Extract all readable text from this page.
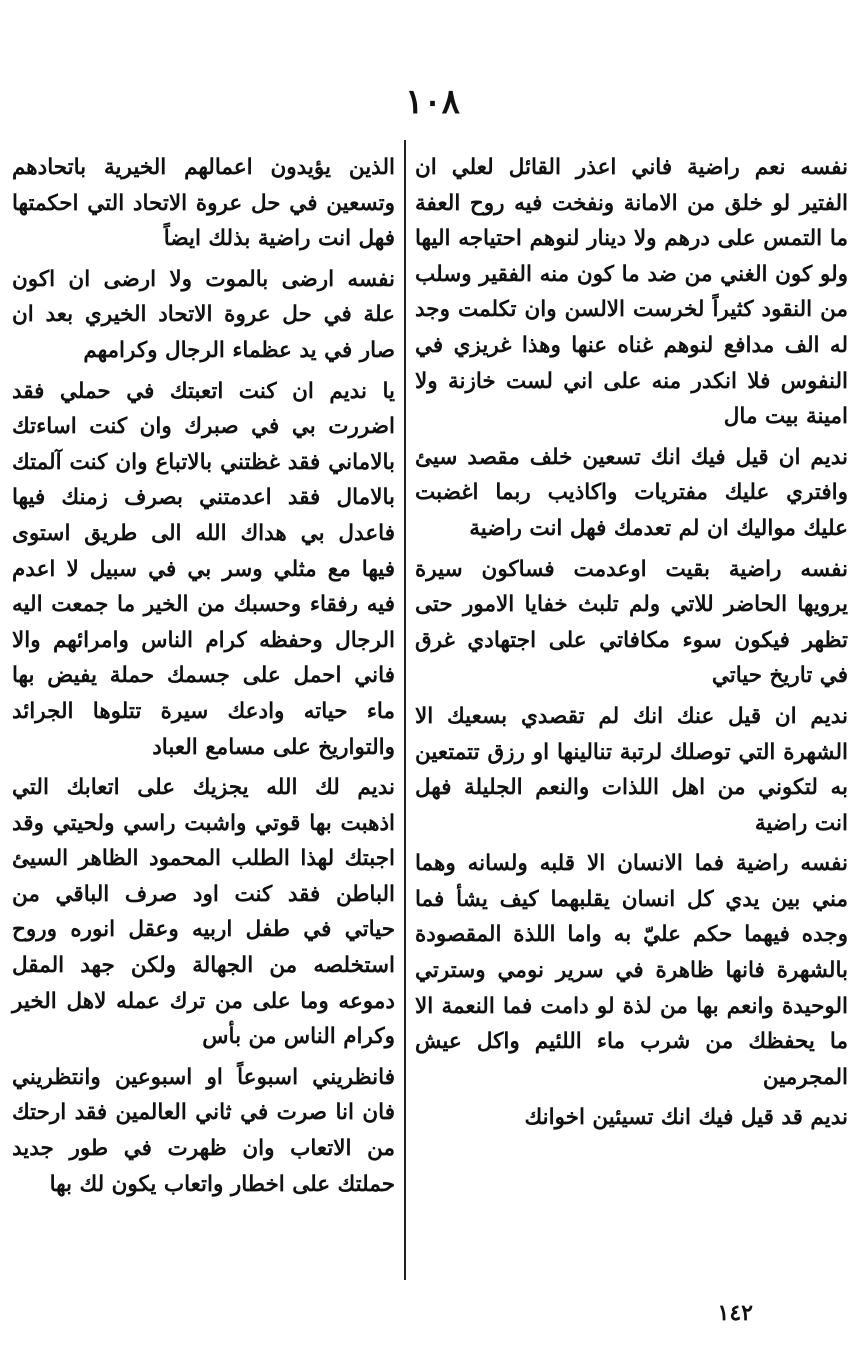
١٠٨

نفسه نعم راضية فاني اعذر القائل لعلي ان الفتير لو خلق من الامانة ونفخت فيه روح العفة ما التمس على درهم ولا دينار لنوهم احتياجه اليها ولو كون الغني من ضد ما كون منه الفقير وسلب من النقود كثيراً لخرست الالسن وان تكلمت وجد له الف مدافع لنوهم غناه عنها وهذا غريزي في النفوس فلا انكدر منه على اني لست خازنة ولا امينة بيت مال

نديم ان قيل فيك انك تسعين خلف مقصد سيئ وافتري عليك مفتريات واكاذيب ربما اغضبت عليك مواليك ان لم تعدمك فهل انت راضية

نفسه راضية بقيت اوعدمت فساكون سيرة يرويها الحاضر للاتي ولم تلبث خفايا الامور حتى تظهر فيكون سوء مكافاتي على اجتهادي غرق في تاريخ حياتي

نديم ان قيل عنك انك لم تقصدي بسعيك الا الشهرة التي توصلك لرتبة تنالينها او رزق تتمتعين به لتكوني من اهل اللذات والنعم الجليلة فهل انت راضية

نفسه راضية فما الانسان الا قلبه ولسانه وهما مني بين يدي كل انسان يقلبهما كيف يشأ فما وجده فيهما حكم عليّ به واما اللذة المقصودة بالشهرة فانها ظاهرة في سرير نومي وسترتي الوحيدة وانعم بها من لذة لو دامت فما النعمة الا ما يحفظك من شرب ماء اللئيم واكل عيش المجرمين

نديم قد قيل فيك انك تسيئين اخوانك

الذين يؤيدون اعمالهم الخيرية باتحادهم وتسعين في حل عروة الاتحاد التي احكمتها فهل انت راضية بذلك ايضاً

نفسه ارضى بالموت ولا ارضى ان اكون علة في حل عروة الاتحاد الخيري بعد ان صار في يد عظماء الرجال وكرامهم

يا نديم ان كنت اتعبتك في حملي فقد اضررت بي في صبرك وان كنت اساءتك بالاماني فقد غظتني بالاتباع وان كنت آلمتك بالامال فقد اعدمتني بصرف زمنك فيها فاعدل بي هداك الله الى طريق استوى فيها مع مثلي وسر بي في سبيل لا اعدم فيه رفقاء وحسبك من الخير ما جمعت اليه الرجال وحفظه كرام الناس وامرائهم والا فاني احمل على جسمك حملة يفيض بها ماء حياته وادعك سيرة تتلوها الجرائد والتواريخ على مسامع العباد

نديم لك الله يجزيك على اتعابك التي اذهبت بها قوتي واشبت راسي ولحيتي وقد اجبتك لهذا الطلب المحمود الظاهر السيئ الباطن فقد كنت اود صرف الباقي من حياتي في طفل اربيه وعقل انوره وروح استخلصه من الجهالة ولكن جهد المقل دموعه وما على من ترك عمله لاهل الخير وكرام الناس من بأس

فانظريني اسبوعاً او اسبوعين وانتظريني فان انا صرت في ثاني العالمين فقد ارحتك من الاتعاب وان ظهرت في طور جديد حملتك على اخطار واتعاب يكون لك بها

١٤٢
